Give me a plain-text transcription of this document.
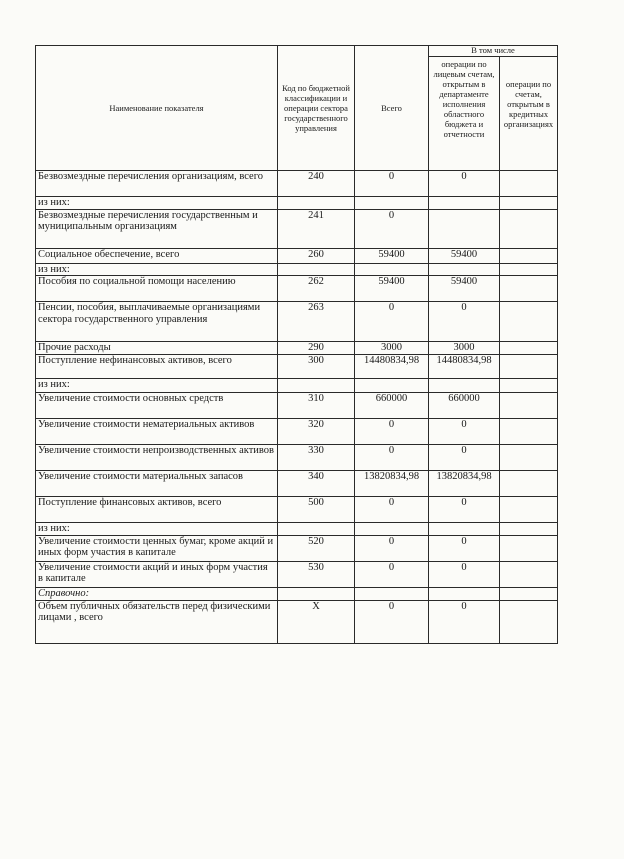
Наименование показателя	Код по бюджетной классификации и операции сектора государственного управления	Всего	В том числе	
			операции по лицевым счетам, открытым в департаменте исполнения областного бюджета и отчетности	операции по счетам, открытым в кредитных организациях
Безвозмездные перечисления организациям, всего	240	0	0	
из них:				
Безвозмездные перечисления государственным и муниципальным организациям	241	0		
Социальное обеспечение, всего	260	59400	59400	
из них:				
Пособия по социальной помощи населению	262	59400	59400	
Пенсии, пособия, выплачиваемые организациями сектора государственного управления	263	0	0	
Прочие расходы	290	3000	3000	
Поступление нефинансовых активов, всего	300	14480834,98	14480834,98	
из них:				
Увеличение стоимости основных средств	310	660000	660000	
Увеличение стоимости нематериальных активов	320	0	0	
Увеличение стоимости непроизводственных активов	330	0	0	
Увеличение стоимости материальных запасов	340	13820834,98	13820834,98	
Поступление финансовых активов, всего	500	0	0	
из них:				
Увеличение стоимости ценных бумаг, кроме акций и иных форм участия в капитале	520	0	0	
Увеличение стоимости акций и иных форм участия в капитале	530	0	0	
Справочно:				
Объем публичных обязательств перед физическими лицами , всего	X	0	0	
